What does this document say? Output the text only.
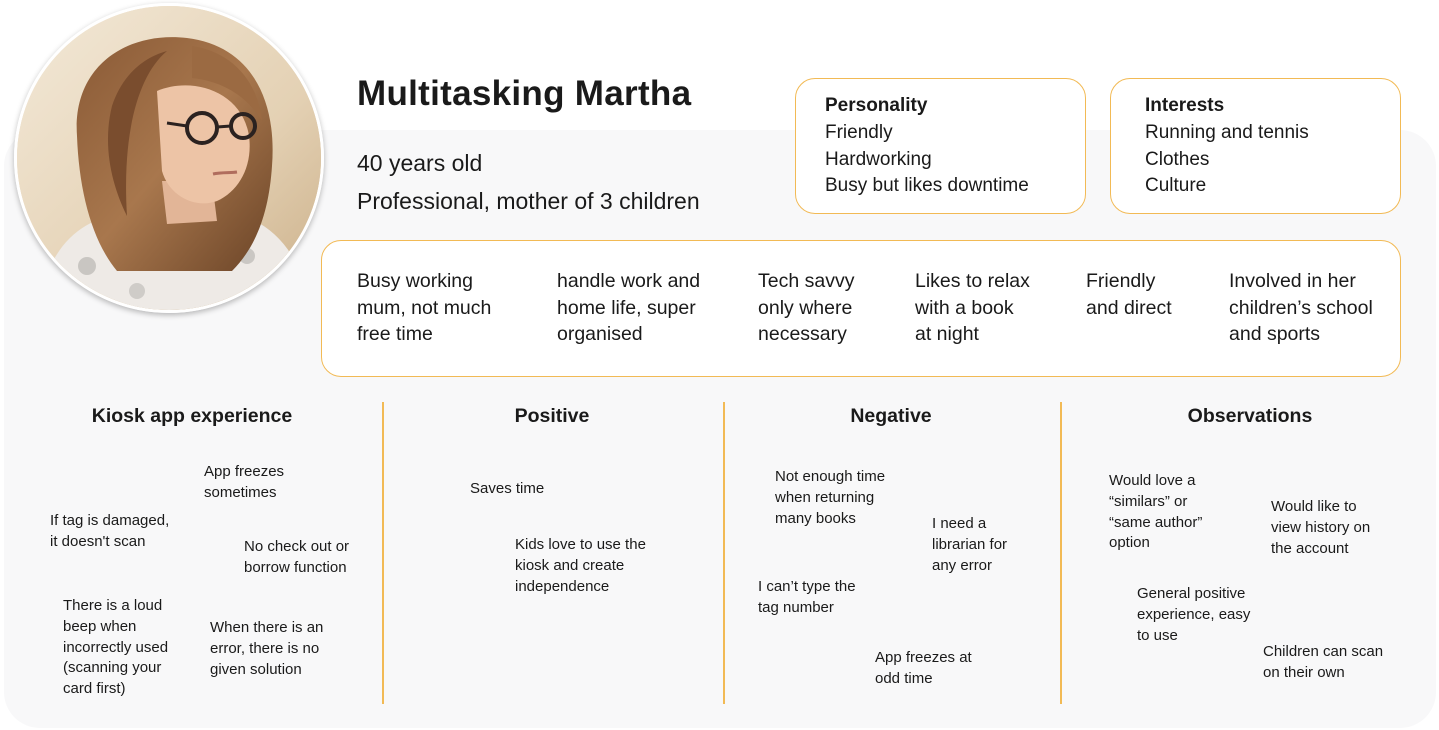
Multitasking Martha
40 years old
Professional, mother of 3 children
Personality
Friendly
Hardworking
Busy but likes downtime
Interests
Running and tennis
Clothes
Culture
Busy working
mum, not much
free time
handle work and
home life, super
organised
Tech savvy
only where
necessary
Likes to relax
with a book
at night
Friendly
and direct
Involved in her
children’s school
and sports
Kiosk app experience	Positive	Negative	Observations
App freezes
sometimes
If tag is damaged,
it doesn't scan	No check out or
borrow function
There is a loud
beep when
incorrectly used
(scanning your
card first)
When there is an
error, there is no
given solution
Saves time
Kids love to use the
kiosk and create
independence
Not enough time
when returning
many books	I need a
librarian for
any error
I can’t type the
tag number
App freezes at
odd time
Would love a
“similars” or
“same author”
option
Would like to
view history on
the account
General positive
experience, easy
to use
Children can scan
on their own
